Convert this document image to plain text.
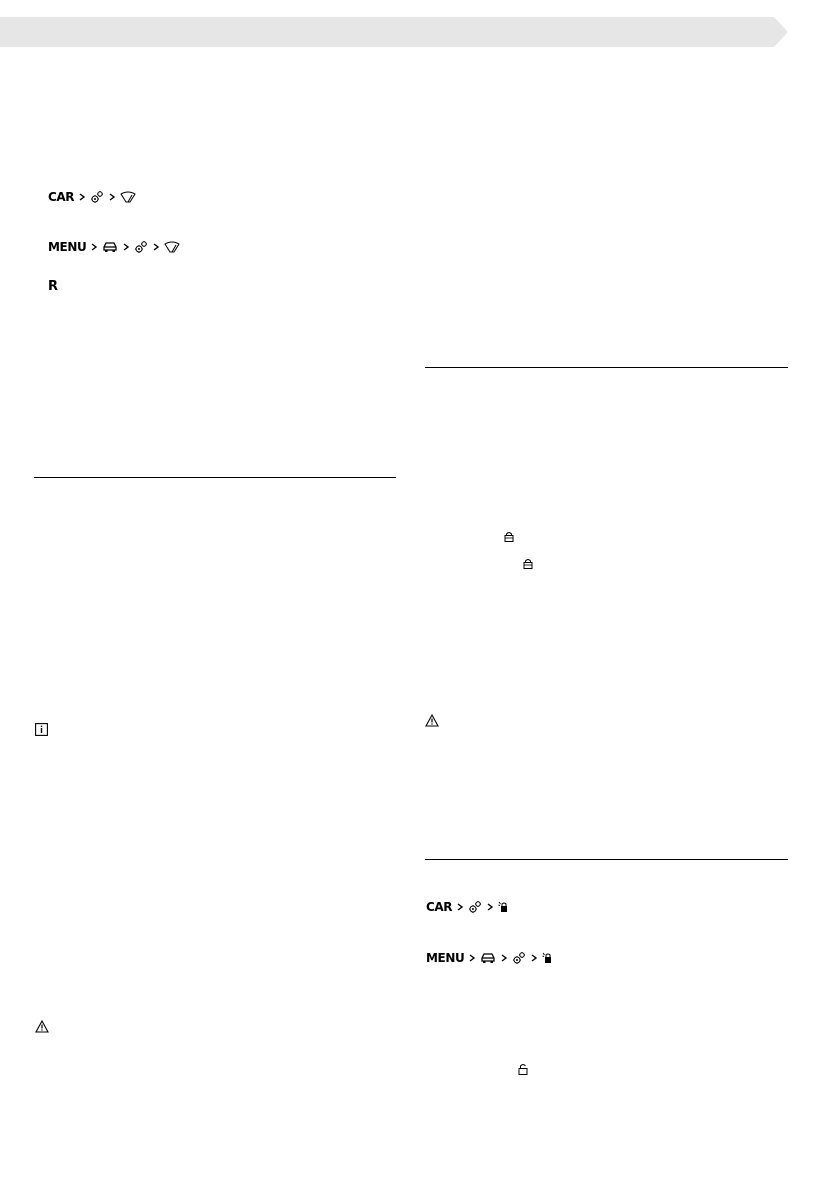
CAR
MENU
R
CAR
MENU
